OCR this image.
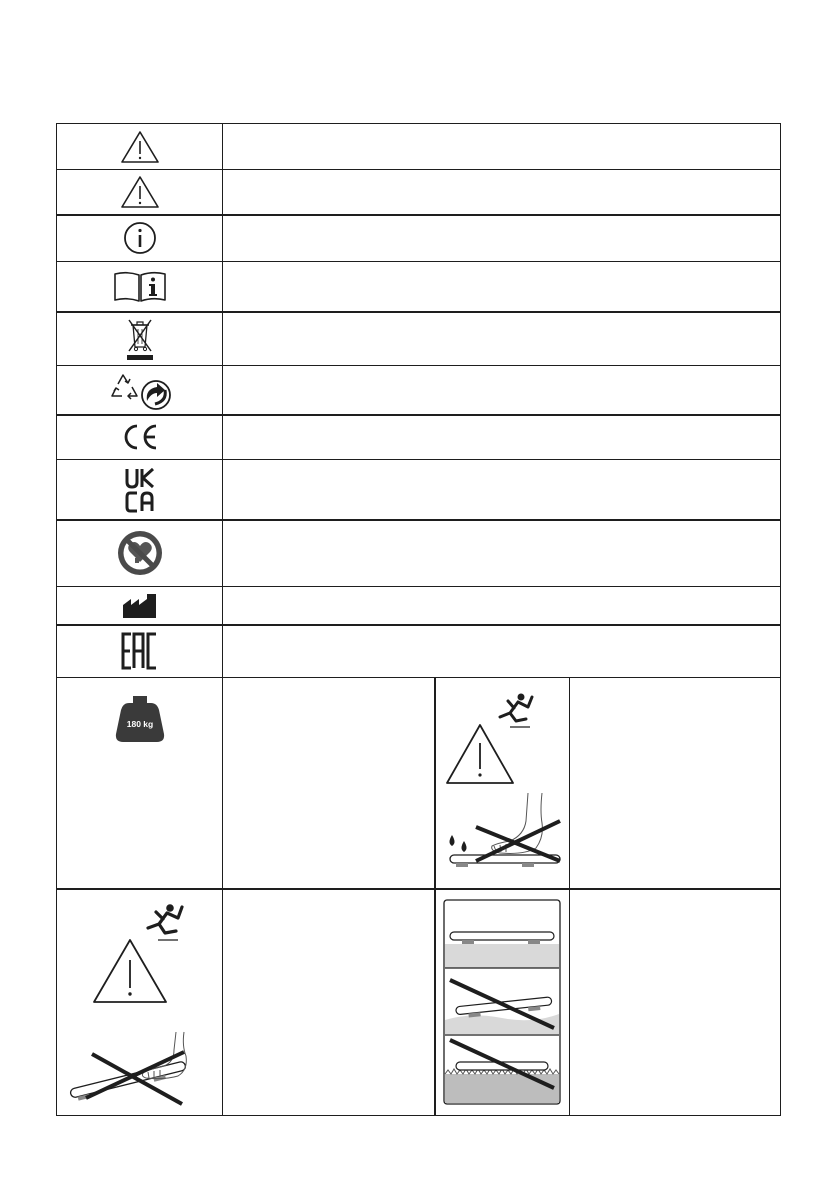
180 kg
